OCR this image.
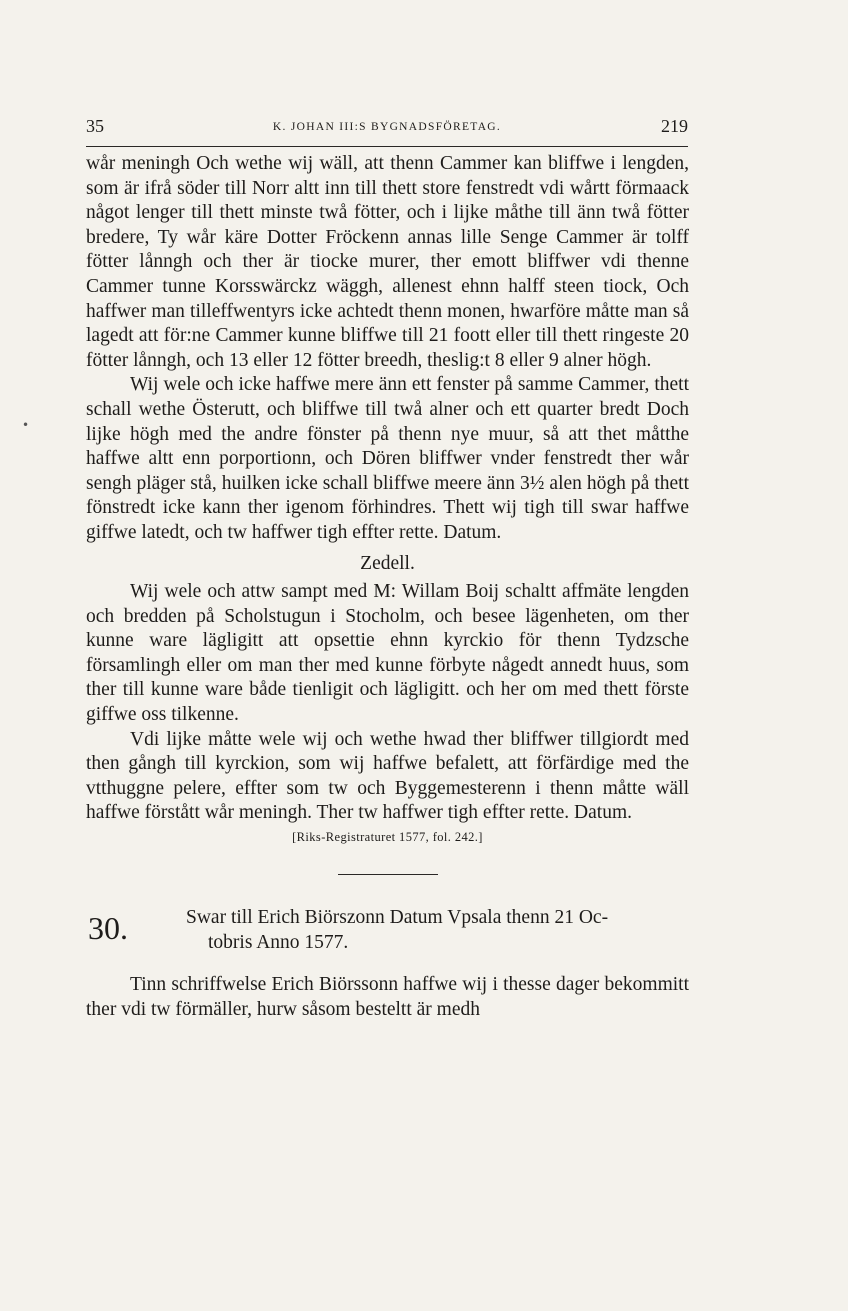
35	K. JOHAN III:S BYGNADSFÖRETAG.	219

wår meningh Och wethe wij wäll, att thenn Cammer kan bliffwe i lengden, som är ifrå söder till Norr altt inn till thett store fenstredt vdi wårtt förmaack något lenger till thett minste twå fötter, och i lijke måthe till änn twå fötter bredere, Ty wår käre Dotter Fröckenn annas lille Senge Cammer är tolff fötter lånngh och ther är tiocke murer, ther emott bliffwer vdi thenne Cammer tunne Korsswärckz wäggh, allenest ehnn halff steen tiock, Och haffwer man tilleffwentyrs icke achtedt thenn monen, hwarföre måtte man så lagedt att för:ne Cammer kunne bliffwe till 21 foott eller till thett ringeste 20 fötter lånngh, och 13 eller 12 fötter breedh, theslig:t 8 eller 9 alner högh.

Wij wele och icke haffwe mere änn ett fenster på samme Cammer, thett schall wethe Österutt, och bliffwe till twå alner och ett quarter bredt Doch lijke högh med the andre fönster på thenn nye muur, så att thet måtthe haffwe altt enn porportionn, och Dören bliffwer vnder fenstredt ther wår sengh pläger stå, huilken icke schall bliffwe meere änn 3½ alen högh på thett fönstredt icke kann ther igenom förhindres. Thett wij tigh till swar haffwe giffwe latedt, och tw haffwer tigh effter rette. Datum.

Zedell.

Wij wele och attw sampt med M: Willam Boij schaltt affmäte lengden och bredden på Scholstugun i Stocholm, och besee lägenheten, om ther kunne ware lägligitt att opsettie ehnn kyrckio för thenn Tydzsche församlingh eller om man ther med kunne förbyte någedt annedt huus, som ther till kunne ware både tienligit och lägligitt. och her om med thett förste giffwe oss tilkenne.

Vdi lijke måtte wele wij och wethe hwad ther bliffwer tillgiordt med then gångh till kyrckion, som wij haffwe befalett, att förfärdige med the vtthuggne pelere, effter som tw och Byggemesterenn i thenn måtte wäll haffwe förstått wår meningh. Ther tw haffwer tigh effter rette. Datum.

[Riks-Registraturet 1577, fol. 242.]

30.	Swar till Erich Biörszonn Datum Vpsala thenn 21 Oc-
tobris Anno 1577.

Tinn schriffwelse Erich Biörssonn haffwe wij i thesse dager bekommitt ther vdi tw förmäller, hurw såsom besteltt är medh

•
